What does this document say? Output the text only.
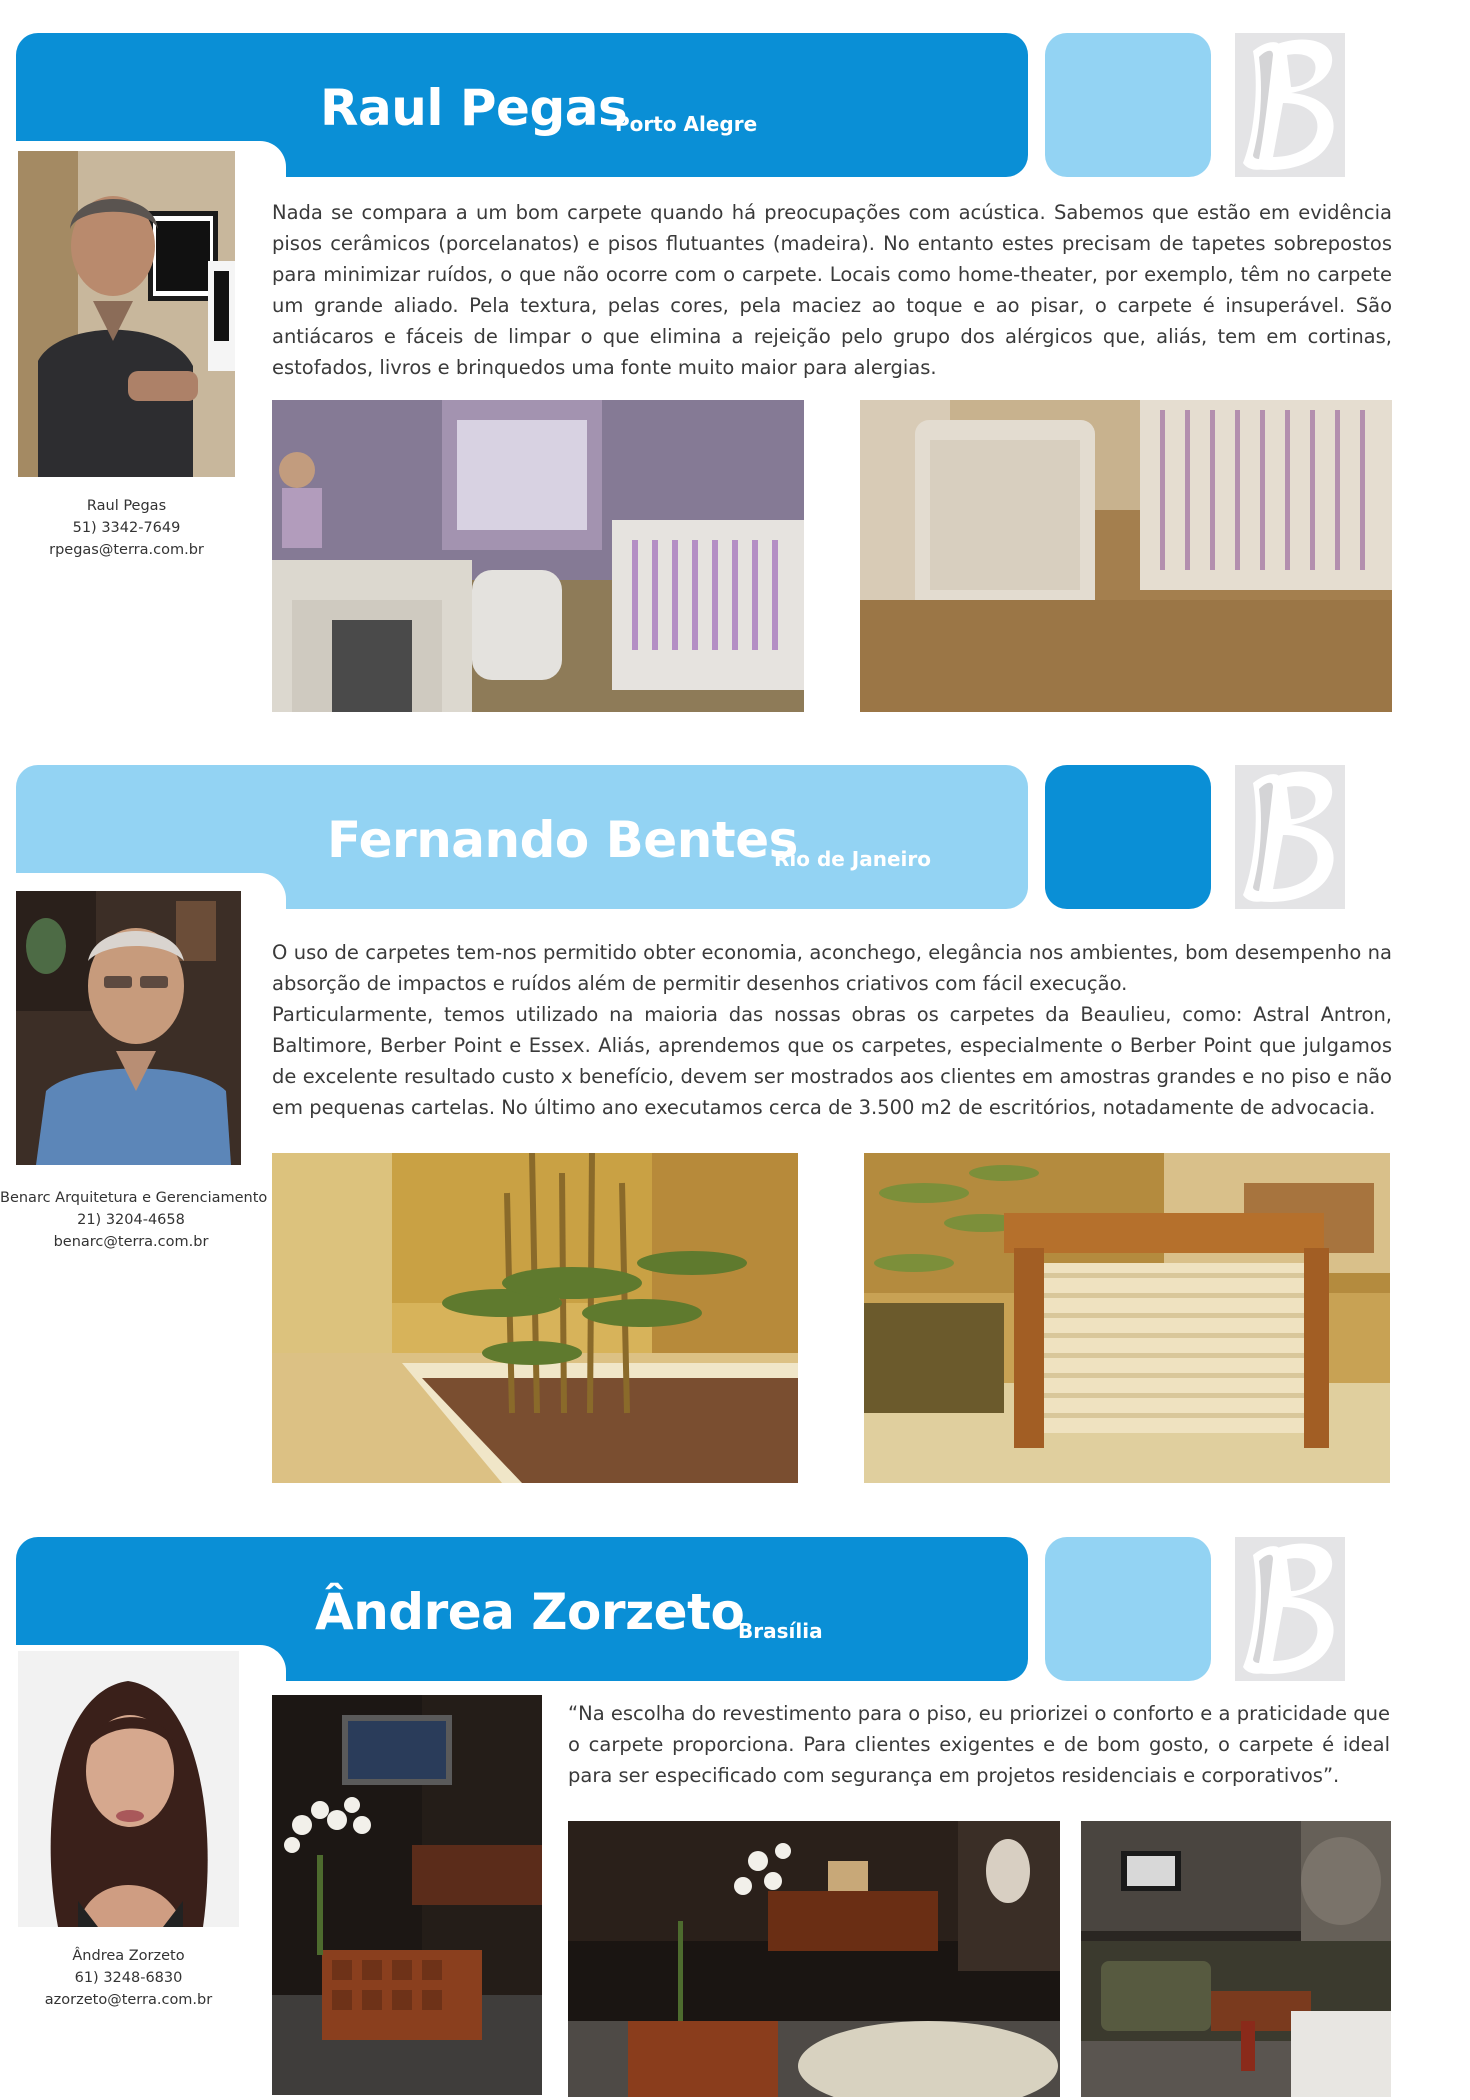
Raul Pegas
Porto Alegre
Raul Pegas
51) 3342-7649
rpegas@terra.com.br

Nada se compara a um bom carpete quando há preocupações com acústica. Sabemos que estão em evidência pisos cerâmicos (porcelanatos) e pisos flutuantes (madeira). No entanto estes precisam de tapetes sobrepostos para minimizar ruídos, o que não ocorre com o carpete. Locais como home-theater, por exemplo, têm no carpete um grande aliado. Pela textura, pelas cores, pela maciez ao toque e ao pisar, o carpete é insuperável. São antiácaros e fáceis de limpar o que elimina a rejeição pelo grupo dos alérgicos que, aliás, tem em cortinas, estofados, livros e brinquedos uma fonte muito maior para alergias.

Fernando Bentes
Rio de Janeiro
Benarc Arquitetura e Gerenciamento
21) 3204-4658
benarc@terra.com.br

O uso de carpetes tem-nos permitido obter economia, aconchego, elegância nos ambientes, bom desempenho na absorção de impactos e ruídos além de permitir desenhos criativos com fácil execução.

Particularmente, temos utilizado na maioria das nossas obras os carpetes da Beaulieu, como: Astral Antron, Baltimore, Berber Point e Essex. Aliás, aprendemos que os carpetes, especialmente o Berber Point que julgamos de excelente resultado custo x benefício, devem ser mostrados aos clientes em amostras grandes e no piso e não em pequenas cartelas. No último ano executamos cerca de 3.500 m2 de escritórios, notadamente de advocacia.

Ândrea Zorzeto
Brasília
Ândrea Zorzeto
61) 3248-6830
azorzeto@terra.com.br

“Na escolha do revestimento para o piso, eu priorizei o conforto e a praticidade que o carpete proporciona. Para clientes exigentes e de bom gosto, o carpete é ideal para ser especificado com segurança em projetos residenciais e corporativos”.
